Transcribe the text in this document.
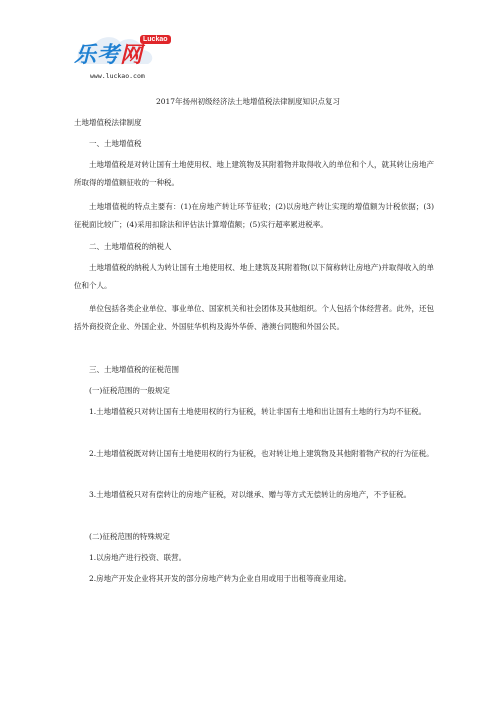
Luckao
乐考网
www.luckao.com
2017年扬州初级经济法土地增值税法律制度知识点复习
土地增值税法律制度
一、土地增值税
土地增值税是对转让国有土地使用权、地上建筑物及其附着物并取得收入的单位和个人，就其转让房地产所取得的增值额征收的一种税。
土地增值税的特点主要有：(1)在房地产转让环节征收；(2)以房地产转让实现的增值额为计税依据；(3)征税面比较广；(4)采用扣除法和评估法计算增值额；(5)实行超率累进税率。
二、土地增值税的纳税人
土地增值税的纳税人为转让国有土地使用权、地上建筑及其附着物(以下简称转让房地产)并取得收入的单位和个人。
单位包括各类企业单位、事业单位、国家机关和社会团体及其他组织。个人包括个体经营者。此外，还包括外商投资企业、外国企业、外国驻华机构及海外华侨、港澳台同胞和外国公民。
三、土地增值税的征税范围
(一)征税范围的一般规定
1.土地增值税只对转让国有土地使用权的行为征税，转让非国有土地和出让国有土地的行为均不征税。
2.土地增值税既对转让国有土地使用权的行为征税，也对转让地上建筑物及其他附着物产权的行为征税。
3.土地增值税只对有偿转让的房地产征税，对以继承、赠与等方式无偿转让的房地产，不予征税。
(二)征税范围的特殊规定
1.以房地产进行投资、联营。
2.房地产开发企业将其开发的部分房地产转为企业自用或用于出租等商业用途。
